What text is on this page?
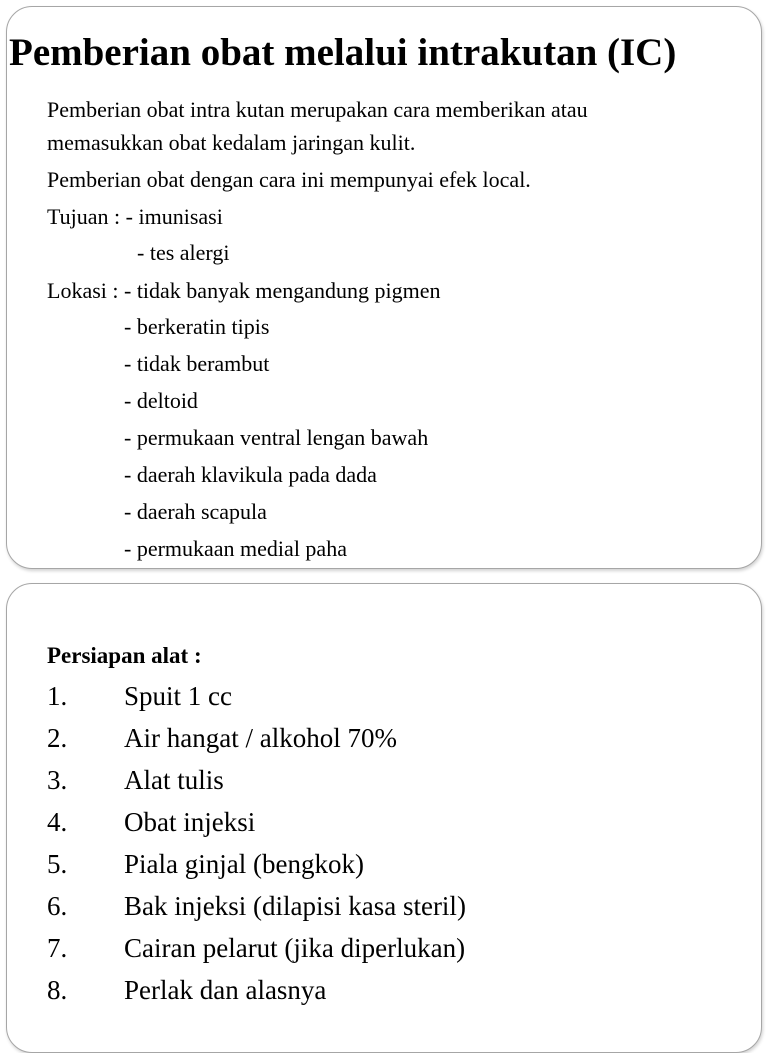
Pemberian obat melalui intrakutan (IC)

Pemberian obat intra kutan merupakan cara memberikan atau

memasukkan obat kedalam jaringan kulit.

Pemberian obat dengan cara ini mempunyai efek local.

Tujuan : - imunisasi

- tes alergi

Lokasi : - tidak banyak mengandung pigmen

- berkeratin tipis

- tidak berambut

- deltoid

- permukaan ventral lengan bawah

- daerah klavikula pada dada

- daerah scapula

- permukaan medial paha

Persiapan alat :

1. Spuit 1 cc
2. Air hangat / alkohol 70%
3. Alat tulis
4. Obat injeksi
5. Piala ginjal (bengkok)
6. Bak injeksi (dilapisi kasa steril)
7. Cairan pelarut (jika diperlukan)
8. Perlak dan alasnya
